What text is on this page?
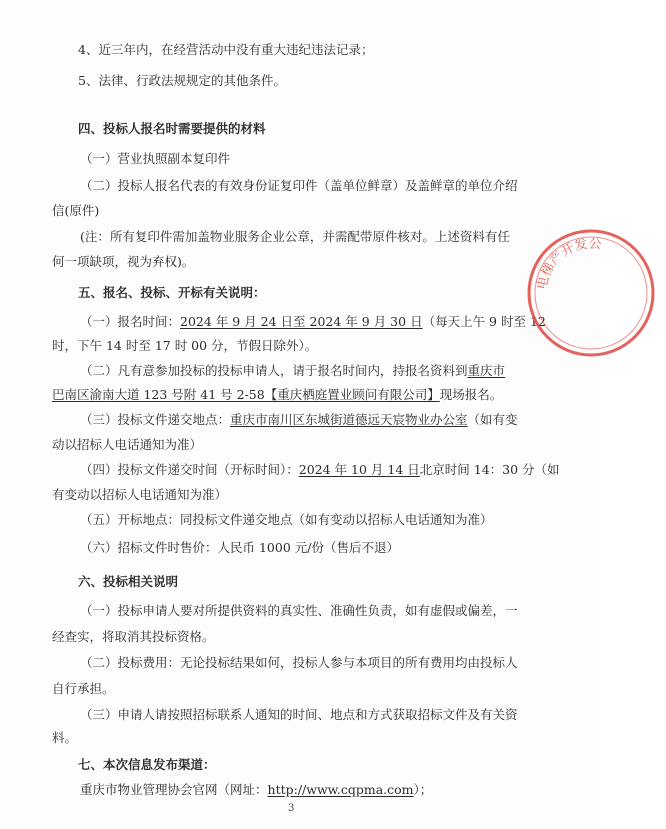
4、近三年内，在经营活动中没有重大违纪违法记录；
5、法律、行政法规规定的其他条件。
四、投标人报名时需要提供的材料
（一）营业执照副本复印件
（二）投标人报名代表的有效身份证复印件（盖单位鲜章）及盖鲜章的单位介绍
信(原件)
(注：所有复印件需加盖物业服务企业公章，并需配带原件核对。上述资料有任
何一项缺项，视为弃权)。
五、报名、投标、开标有关说明：
（一）报名时间：2024 年 9 月 24 日至 2024 年 9 月 30 日（每天上午 9 时至 12
时，下午 14 时至 17 时 00 分，节假日除外）。
（二）凡有意参加投标的投标申请人，请于报名时间内，持报名资料到重庆市
巴南区渝南大道 123 号附 41 号 2-58【重庆栖庭置业顾问有限公司】现场报名。
（三）投标文件递交地点：重庆市南川区东城街道德远天宸物业办公室（如有变
动以招标人电话通知为准）
（四）投标文件递交时间（开标时间）：2024 年 10 月 14 日北京时间 14：30 分（如
有变动以招标人电话通知为准）
（五）开标地点：同投标文件递交地点（如有变动以招标人电话通知为准）
（六）招标文件时售价：人民币 1000 元/份（售后不退）
六、投标相关说明
（一）投标申请人要对所提供资料的真实性、准确性负责，如有虚假或偏差，一
经查实，将取消其投标资格。
（二）投标费用：无论投标结果如何，投标人参与本项目的所有费用均由投标人
自行承担。
（三）申请人请按照招标联系人通知的时间、地点和方式获取招标文件及有关资
料。
七、本次信息发布渠道：
重庆市物业管理协会官网（网址：http://www.cqpma.com）；
3
电梯产开发公
